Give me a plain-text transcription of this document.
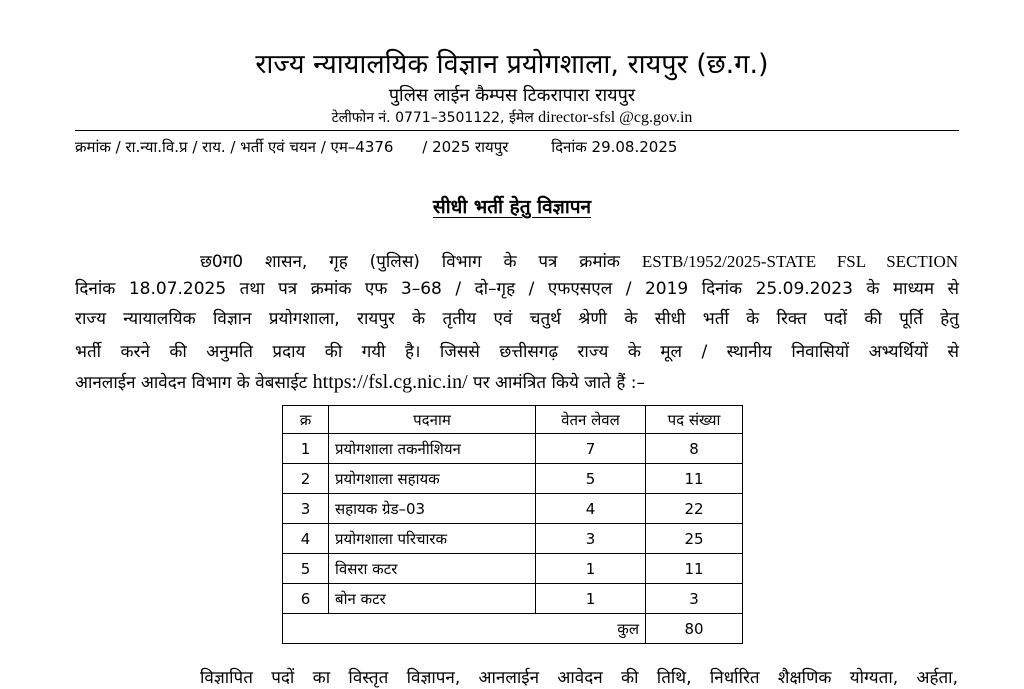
राज्य न्यायालयिक विज्ञान प्रयोगशाला, रायपुर (छ.ग.)
पुलिस लाईन कैम्पस टिकरापारा रायपुर
टेलीफोन नं. 0771–3501122, ईमेल director-sfsl @cg.gov.in
क्रमांक / रा.न्या.वि.प्र / राय. / भर्ती एवं चयन / एम–4376 / 2025 रायपुर	दिनांक 29.08.2025
सीधी भर्ती हेतु विज्ञापन
छ0ग0 शासन, गृह (पुलिस) विभाग के पत्र क्रमांक ESTB/1952/2025-STATE FSL SECTION
दिनांक 18.07.2025 तथा पत्र क्रमांक एफ 3–68 / दो–गृह / एफएसएल / 2019 दिनांक 25.09.2023 के माध्यम से
राज्य न्यायालयिक विज्ञान प्रयोगशाला, रायपुर के तृतीय एवं चतुर्थ श्रेणी के सीधी भर्ती के रिक्त पदों की पूर्ति हेतु
भर्ती करने की अनुमति प्रदाय की गयी है। जिससे छत्तीसगढ़ राज्य के मूल / स्थानीय निवासियों अभ्यर्थियों से
आनलाईन आवेदन विभाग के वेबसाईट https://fsl.cg.nic.in/ पर आमंत्रित किये जाते हैं :–
क्र	पदनाम	वेतन लेवल	पद संख्या
1	प्रयोगशाला तकनीशियन	7	8
2	प्रयोगशाला सहायक	5	11
3	सहायक ग्रेड–03	4	22
4	प्रयोगशाला परिचारक	3	25
5	विसरा कटर	1	11
6	बोन कटर	1	3
कुल			80
विज्ञापित पदों का विस्तृत विज्ञापन, आनलाईन आवेदन की तिथि, निर्धारित शैक्षणिक योग्यता, अर्हता,
